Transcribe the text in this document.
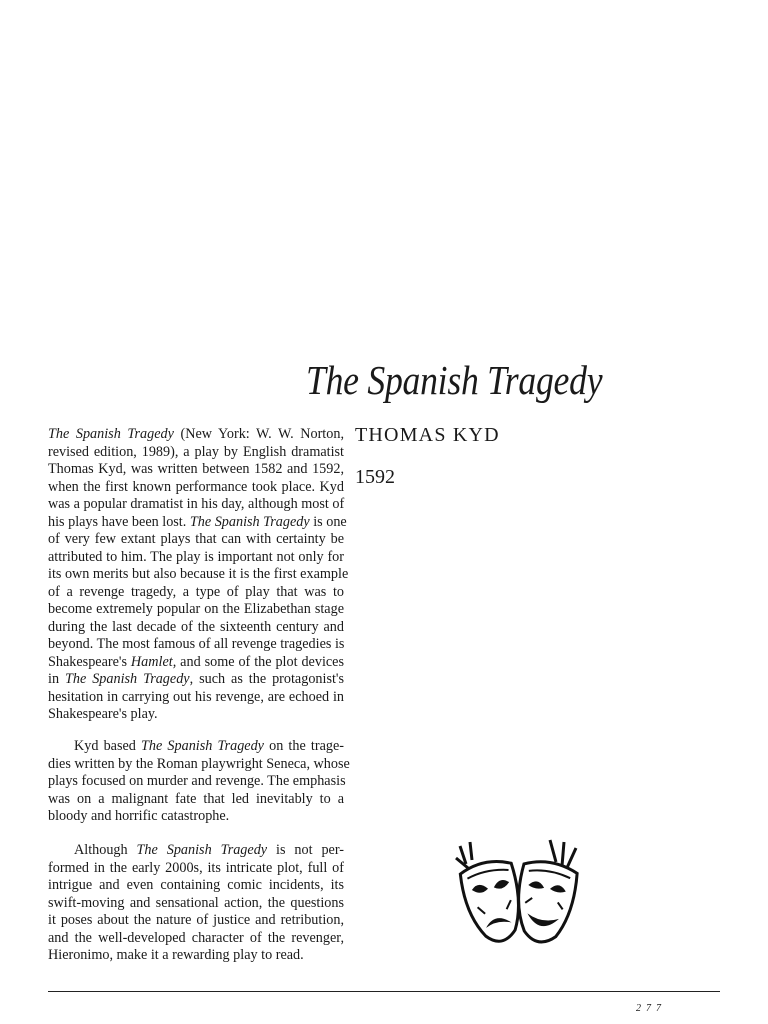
The Spanish Tragedy
THOMAS KYD
1592
The Spanish Tragedy (New York: W. W. Norton,
revised edition, 1989), a play by English dramatist
Thomas Kyd, was written between 1582 and 1592,
when the first known performance took place. Kyd
was a popular dramatist in his day, although most of
his plays have been lost. The Spanish Tragedy is one
of very few extant plays that can with certainty be
attributed to him. The play is important not only for
its own merits but also because it is the first example
of a revenge tragedy, a type of play that was to
become extremely popular on the Elizabethan stage
during the last decade of the sixteenth century and
beyond. The most famous of all revenge tragedies is
Shakespeare's Hamlet, and some of the plot devices
in The Spanish Tragedy, such as the protagonist's
hesitation in carrying out his revenge, are echoed in
Shakespeare's play.
Kyd based The Spanish Tragedy on the trage-
dies written by the Roman playwright Seneca, whose
plays focused on murder and revenge. The emphasis
was on a malignant fate that led inevitably to a
bloody and horrific catastrophe.
Although The Spanish Tragedy is not per-
formed in the early 2000s, its intricate plot, full of
intrigue and even containing comic incidents, its
swift-moving and sensational action, the questions
it poses about the nature of justice and retribution,
and the well-developed character of the revenger,
Hieronimo, make it a rewarding play to read.
277
